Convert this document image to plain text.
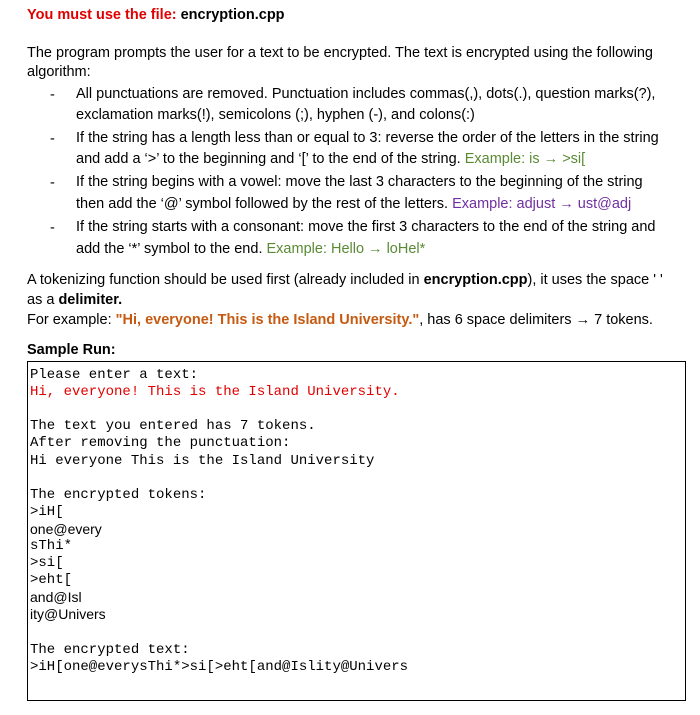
You must use the file: encryption.cpp
The program prompts the user for a text to be encrypted. The text is encrypted using the following
algorithm:
- All punctuations are removed. Punctuation includes commas(,), dots(.), question marks(?),
exclamation marks(!), semicolons (;), hyphen (-), and colons(:)
- If the string has a length less than or equal to 3: reverse the order of the letters in the string
and add a ‘>’ to the beginning and ‘[’ to the end of the string. Example: is → >si[
- If the string begins with a vowel: move the last 3 characters to the beginning of the string
then add the ‘@’ symbol followed by the rest of the letters. Example: adjust → ust@adj
- If the string starts with a consonant: move the first 3 characters to the end of the string and
add the ‘*’ symbol to the end. Example: Hello → loHel*
A tokenizing function should be used first (already included in encryption.cpp), it uses the space ' '
as a delimiter.
For example: "Hi, everyone! This is the Island University.", has 6 space delimiters → 7 tokens.
Sample Run:
Please enter a text:
Hi, everyone! This is the Island University.
The text you entered has 7 tokens.
After removing the punctuation:
Hi everyone This is the Island University
The encrypted tokens:
>iH[
one@every
sThi*
>si[
>eht[
and@Isl
ity@Univers
The encrypted text:
>iH[one@everysThi*>si[>eht[and@Islity@Univers
